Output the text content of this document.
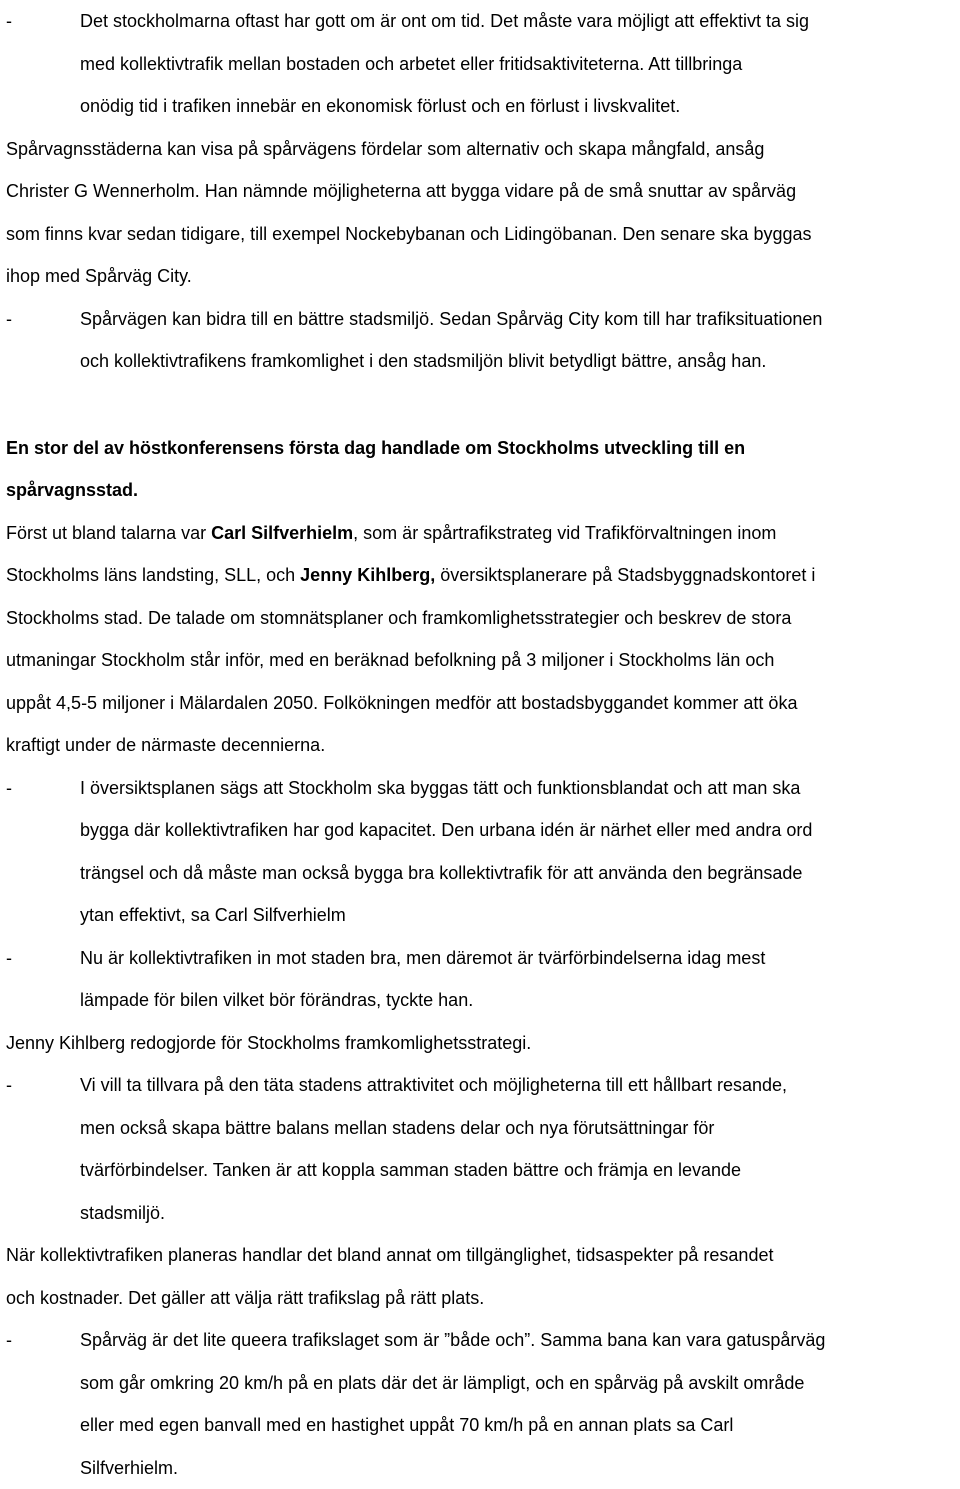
-	Det stockholmarna oftast har gott om är ont om tid. Det måste vara möjligt att effektivt ta sig
med kollektivtrafik mellan bostaden och arbetet eller fritidsaktiviteterna. Att tillbringa
onödig tid i trafiken innebär en ekonomisk förlust och en förlust i livskvalitet.
Spårvagnsstäderna kan visa på spårvägens fördelar som alternativ och skapa mångfald, ansåg
Christer G Wennerholm. Han nämnde möjligheterna att bygga vidare på de små snuttar av spårväg
som finns kvar sedan tidigare, till exempel Nockebybanan och Lidingöbanan. Den senare ska byggas
ihop med Spårväg City.
-	Spårvägen kan bidra till en bättre stadsmiljö. Sedan Spårväg City kom till har trafiksituationen
och kollektivtrafikens framkomlighet i den stadsmiljön blivit betydligt bättre, ansåg han.
En stor del av höstkonferensens första dag handlade om Stockholms utveckling till en
spårvagnsstad.
Först ut bland talarna var Carl Silfverhielm, som är spårtrafikstrateg vid Trafikförvaltningen inom
Stockholms läns landsting, SLL, och Jenny Kihlberg, översiktsplanerare på Stadsbyggnadskontoret i
Stockholms stad. De talade om stomnätsplaner och framkomlighetsstrategier och beskrev de stora
utmaningar Stockholm står inför, med en beräknad befolkning på 3 miljoner i Stockholms län och
uppåt 4,5-5 miljoner i Mälardalen 2050. Folkökningen medför att bostadsbyggandet kommer att öka
kraftigt under de närmaste decennierna.
-	I översiktsplanen sägs att Stockholm ska byggas tätt och funktionsblandat och att man ska
bygga där kollektivtrafiken har god kapacitet. Den urbana idén är närhet eller med andra ord
trängsel och då måste man också bygga bra kollektivtrafik för att använda den begränsade
ytan effektivt, sa Carl Silfverhielm
-	Nu är kollektivtrafiken in mot staden bra, men däremot är tvärförbindelserna idag mest
lämpade för bilen vilket bör förändras, tyckte han.
Jenny Kihlberg redogjorde för Stockholms framkomlighetsstrategi.
-	Vi vill ta tillvara på den täta stadens attraktivitet och möjligheterna till ett hållbart resande,
men också skapa bättre balans mellan stadens delar och nya förutsättningar för
tvärförbindelser. Tanken är att koppla samman staden bättre och främja en levande
stadsmiljö.
När kollektivtrafiken planeras handlar det bland annat om tillgänglighet, tidsaspekter på resandet
och kostnader. Det gäller att välja rätt trafikslag på rätt plats.
-	Spårväg är det lite queera trafikslaget som är ”både och”. Samma bana kan vara gatuspårväg
som går omkring 20 km/h på en plats där det är lämpligt, och en spårväg på avskilt område
eller med egen banvall med en hastighet uppåt 70 km/h på en annan plats sa Carl
Silfverhielm.
